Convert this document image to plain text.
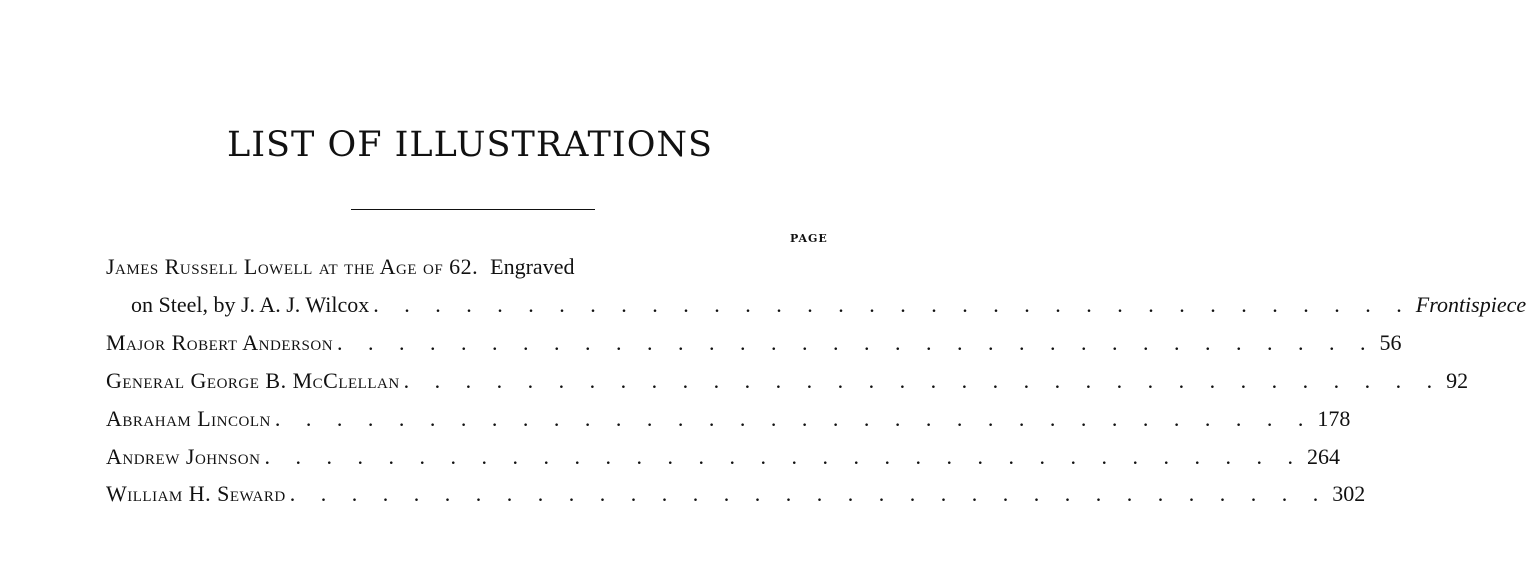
LIST OF ILLUSTRATIONS
PAGE
James Russell Lowell at the Age of 62. Engraved
on Steel, by J. A. J. Wilcox . . . . . . . . . . . . . . . . . . . . . . . . . . . . . . . . . . Frontispiece
Major Robert Anderson . . . . . . . . . . . . . . . . . . . . . . . . . . . . . . . . . . 56
General George B. McClellan . . . . . . . . . . . . . . . . . . . . . . . . . . . . . . . . . . 92
Abraham Lincoln . . . . . . . . . . . . . . . . . . . . . . . . . . . . . . . . . . 178
Andrew Johnson . . . . . . . . . . . . . . . . . . . . . . . . . . . . . . . . . . 264
William H. Seward . . . . . . . . . . . . . . . . . . . . . . . . . . . . . . . . . . 302
